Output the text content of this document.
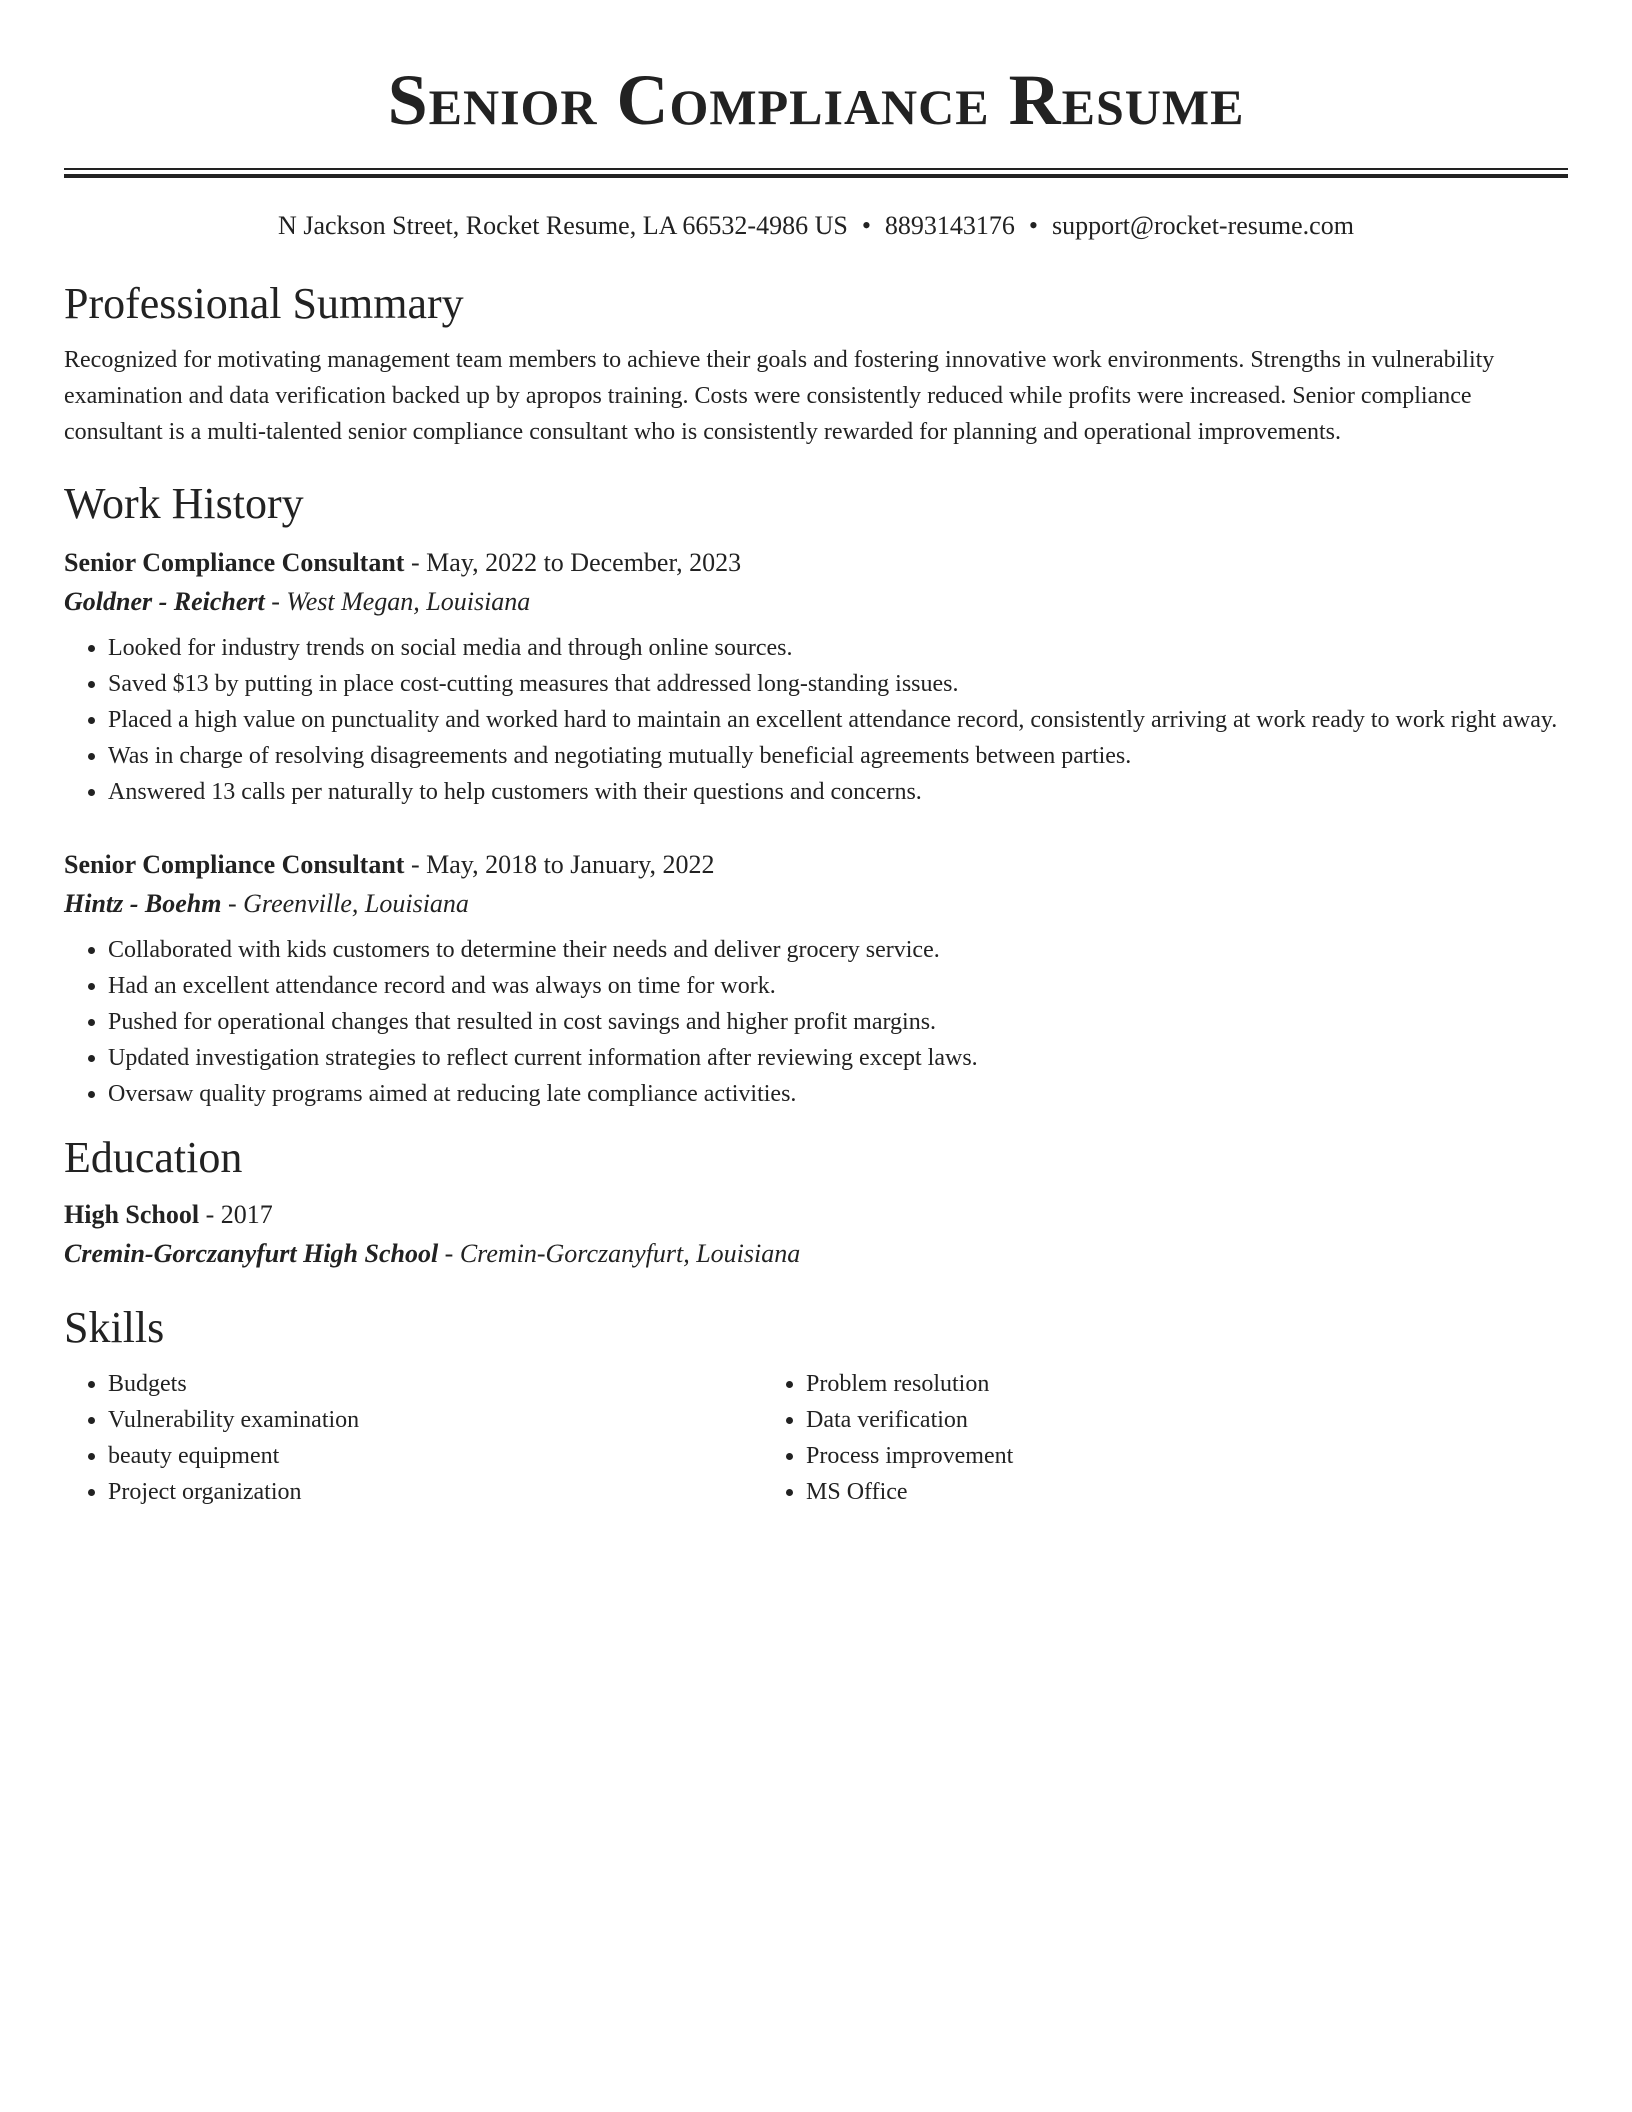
Senior Compliance Resume
N Jackson Street, Rocket Resume, LA 66532-4986 US • 8893143176 • support@rocket-resume.com
Professional Summary
Recognized for motivating management team members to achieve their goals and fostering innovative work environments. Strengths in vulnerability examination and data verification backed up by apropos training. Costs were consistently reduced while profits were increased. Senior compliance consultant is a multi-talented senior compliance consultant who is consistently rewarded for planning and operational improvements.
Work History
Senior Compliance Consultant - May, 2022 to December, 2023
Goldner - Reichert - West Megan, Louisiana
• Looked for industry trends on social media and through online sources.
• Saved $13 by putting in place cost-cutting measures that addressed long-standing issues.
• Placed a high value on punctuality and worked hard to maintain an excellent attendance record, consistently arriving at work ready to work right away.
• Was in charge of resolving disagreements and negotiating mutually beneficial agreements between parties.
• Answered 13 calls per naturally to help customers with their questions and concerns.
Senior Compliance Consultant - May, 2018 to January, 2022
Hintz - Boehm - Greenville, Louisiana
• Collaborated with kids customers to determine their needs and deliver grocery service.
• Had an excellent attendance record and was always on time for work.
• Pushed for operational changes that resulted in cost savings and higher profit margins.
• Updated investigation strategies to reflect current information after reviewing except laws.
• Oversaw quality programs aimed at reducing late compliance activities.
Education
High School - 2017
Cremin-Gorczanyfurt High School - Cremin-Gorczanyfurt, Louisiana
Skills
• Budgets
• Vulnerability examination
• beauty equipment
• Project organization
• Problem resolution
• Data verification
• Process improvement
• MS Office
